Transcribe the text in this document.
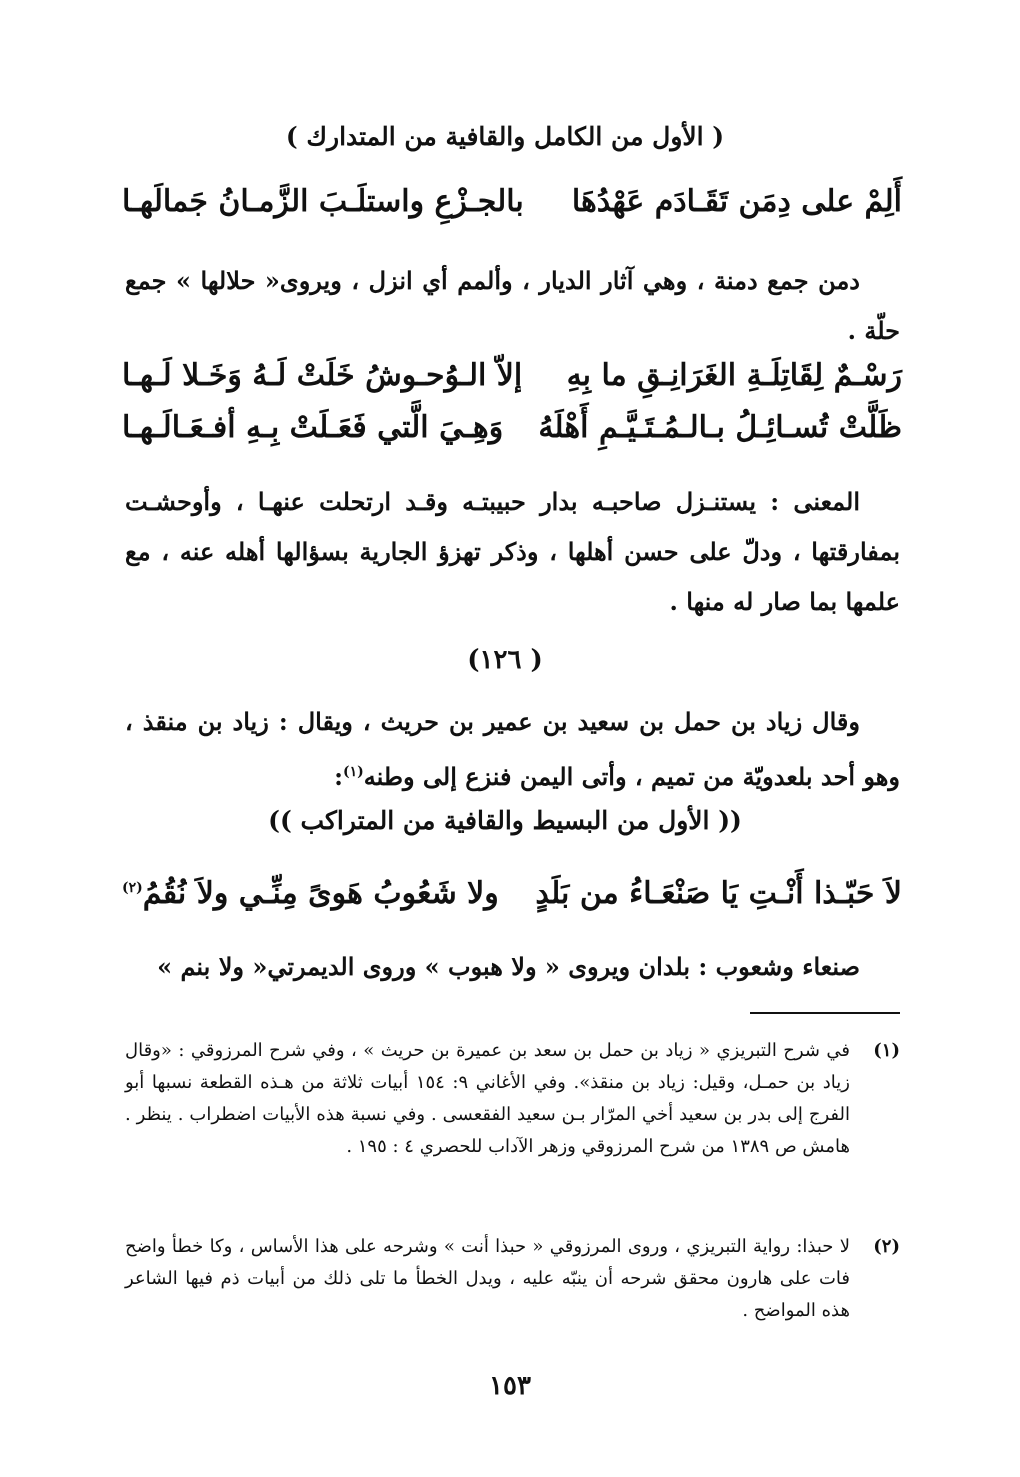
( الأول من الكامل والقافية من المتدارك )
أَلِمْ على دِمَن تَقَـادَم عَهْدُهَا
بالجـزْعِ واستلَـبَ الزَّمـانُ جَمالَهـا

دمن جمع دمنة ، وهي آثار الديار ، وألمم أي انزل ، ويروى« حلالها » جمع حلّة .

رَسْـمٌ لِقَاتِلَـةِ الغَرَانِـقِ ما بِهِ
إلاّ الـوُحـوشُ خَلَتْ لَـهُ وَخَـلا لَـهـا
ظَلَّتْ تُسـائِـلُ بـالـمُـتَـيَّـمِ أَهْلَهُ
وَهِـيَ الَّتي فَعَـلَتْ بِـهِ أفـعَـالَـهـا

المعنى : يستنـزل صاحبـه بدار حبيبتـه وقـد ارتحلت عنهـا ، وأوحشـت بمفارقتها ، ودلّ على حسن أهلها ، وذكر تهزؤ الجارية بسؤالها أهله عنه ، مع علمها بما صار له منها .

( ١٢٦)

وقال زياد بن حمل بن سعيد بن عمير بن حريث ، ويقال : زياد بن منقذ ، وهو أحد بلعدويّة من تميم ، وأتى اليمن فنزع إلى وطنه$^{(١)}$:

(( الأول من البسيط والقافية من المتراكب ))
لاَ حَبّـذا أَنْـتِ يَا صَنْعَـاءُ من بَلَدٍ
ولا شَعُوبُ هَوىً مِنِّـي ولاَ نُقُمُ$^{(٢)}$

صنعاء وشعوب : بلدان ويروى « ولا هبوب » وروى الديمرتي« ولا بنم »

(١)
في شرح التبريزي « زياد بن حمل بن سعد بن عميرة بن حريث » ، وفي شرح المرزوقي : «وقال زياد بن حمـل، وقيل: زياد بن منقذ». وفي الأغاني ٩: ١٥٤ أبيات ثلاثة من هـذه القطعة نسبها أبو الفرج إلى بدر بن سعيد أخي المرّار بـن سعيد الفقعسى . وفي نسبة هذه الأبيات اضطراب . ينظر . هامش ص ١٣٨٩ من شرح المرزوقي وزهر الآداب للحصري ٤ : ١٩٥ .
(٢)
لا حبذا: رواية التبريزي ، وروى المرزوقي « حبذا أنت » وشرحه على هذا الأساس ، وكا خطأ واضح فات على هارون محقق شرحه أن ينبّه عليه ، ويدل الخطأ ما تلى ذلك من أبيات ذم فيها الشاعر هذه المواضح .
١٥٣
